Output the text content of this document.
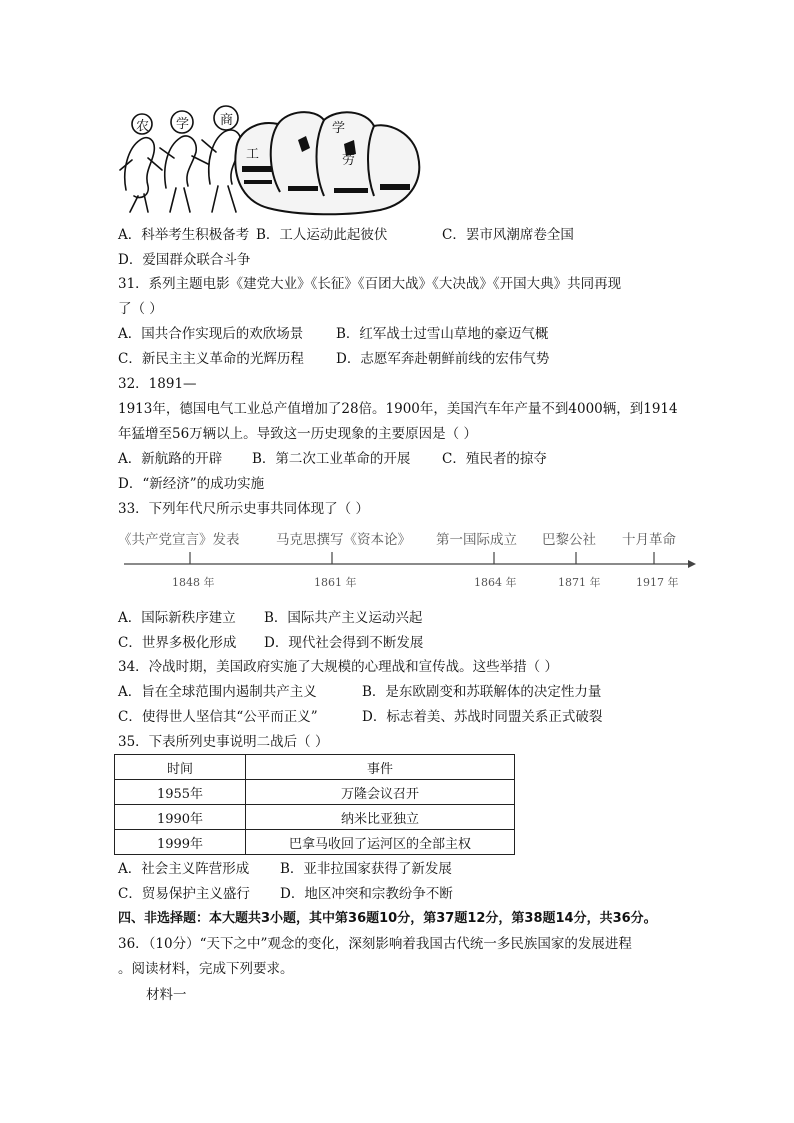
农 学 商
工
学
劳
A．科举考生积极备考 B．工人运动此起彼伏	C．罢市风潮席卷全国
D．爱国群众联合斗争
31．系列主题电影《建党大业》《长征》《百团大战》《大决战》《开国大典》共同再现
了（ ）
A．国共合作实现后的欢欣场景 B．红军战士过雪山草地的豪迈气概
C．新民主主义革命的光辉历程 D．志愿军奔赴朝鲜前线的宏伟气势
32．1891—
1913年，德国电气工业总产值增加了28倍。1900年，美国汽车年产量不到4000辆，到1914
年猛增至56万辆以上。导致这一历史现象的主要原因是（ ）
A．新航路的开辟 B．第二次工业革命的开展 C．殖民者的掠夺
D．“新经济”的成功实施
33．下列年代尺所示史事共同体现了（ ）
《共产党宣言》发表	马克思撰写《资本论》 第一国际成立 巴黎公社 十月革命
1848 年	1861 年	1864 年	1871 年	1917 年
A．国际新秩序建立 B．国际共产主义运动兴起
C．世界多极化形成 D．现代社会得到不断发展
34．冷战时期，美国政府实施了大规模的心理战和宣传战。这些举措（ ）
A．旨在全球范围内遏制共产主义	B．是东欧剧变和苏联解体的决定性力量
C．使得世人坚信其“公平而正义”	D．标志着美、苏战时同盟关系正式破裂
35．下表所列史事说明二战后（ ）
时间	事件
1955年	万隆会议召开
1990年	纳米比亚独立
1999年	巴拿马收回了运河区的全部主权
A．社会主义阵营形成 B．亚非拉国家获得了新发展
C．贸易保护主义盛行 D．地区冲突和宗教纷争不断
四、非选择题：本大题共3小题，其中第36题10分，第37题12分，第38题14分，共36分。
36．（10分）“天下之中”观念的变化，深刻影响着我国古代统一多民族国家的发展进程
。阅读材料，完成下列要求。
材料一
